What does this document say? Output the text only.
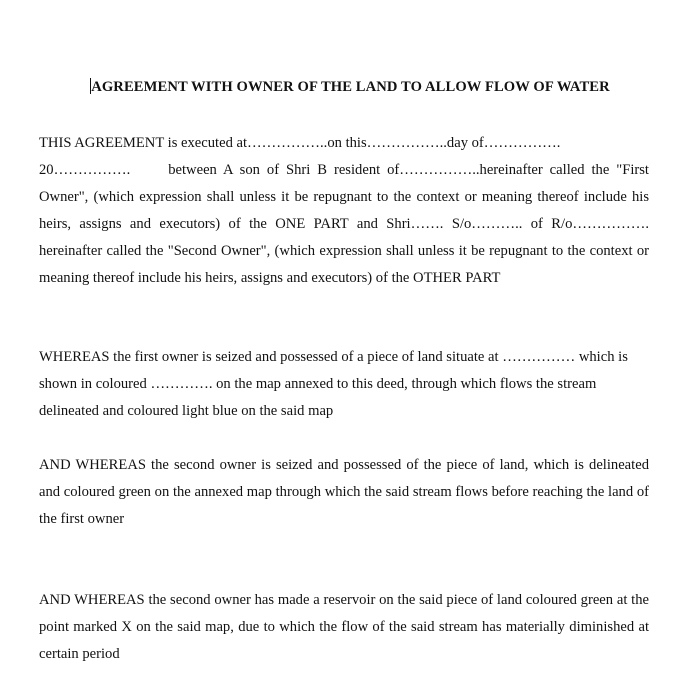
AGREEMENT WITH OWNER OF THE LAND TO ALLOW FLOW OF WATER

THIS AGREEMENT is executed at……………..on this……………..day of…………….
20…………….	between A son of Shri B resident of……………..hereinafter called the "First Owner", (which expression shall unless it be repugnant to the context or meaning thereof include his heirs, assigns and executors) of the ONE PART and Shri……. S/o……….. of R/o……………. hereinafter called the "Second Owner", (which expression shall unless it be repugnant to the context or meaning thereof include his heirs, assigns and executors) of the OTHER PART

WHEREAS the first owner is seized and possessed of a piece of land situate at …………… which is shown in coloured …………. on the map annexed to this deed, through which flows the stream delineated and coloured light blue on the said map

AND WHEREAS the second owner is seized and possessed of the piece of land, which is delineated and coloured green on the annexed map through which the said stream flows before reaching the land of the first owner

AND WHEREAS the second owner has made a reservoir on the said piece of land coloured green at the point marked X on the said map, due to which the flow of the said stream has materially diminished at certain period
